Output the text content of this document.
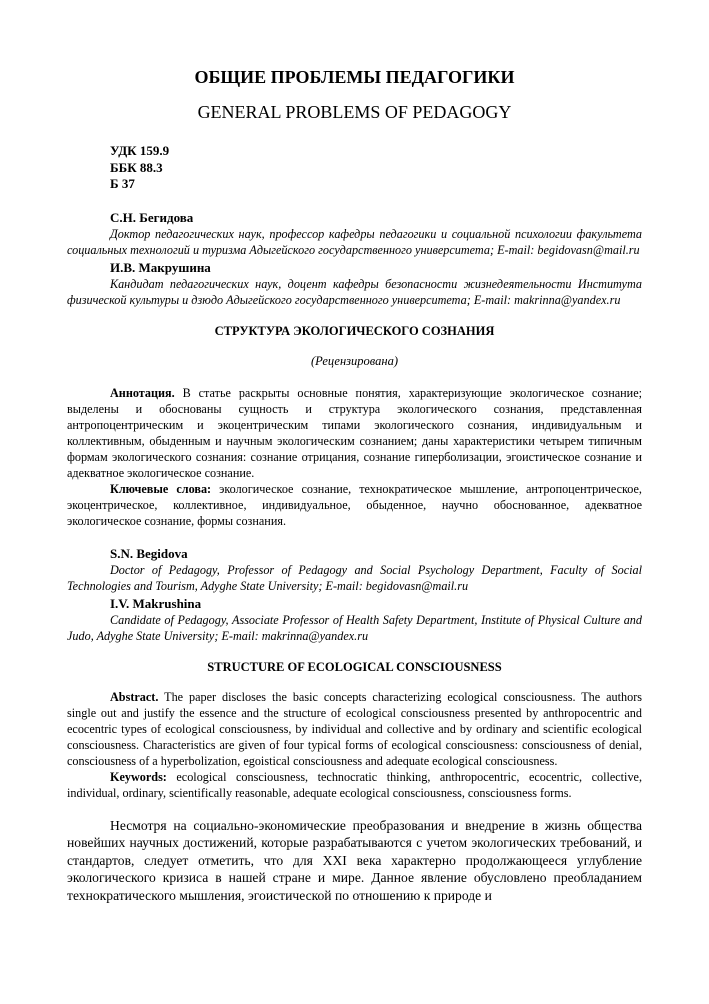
ОБЩИЕ ПРОБЛЕМЫ ПЕДАГОГИКИ
GENERAL PROBLEMS OF PEDAGOGY
УДК 159.9
ББК 88.3
Б 37
С.Н. Бегидова

Доктор педагогических наук, профессор кафедры педагогики и социальной психологии факультета социальных технологий и туризма Адыгейского государственного университета; E-mail: begidovasn@mail.ru

И.В. Макрушина

Кандидат педагогических наук, доцент кафедры безопасности жизнедеятельности Института физической культуры и дзюдо Адыгейского государственного университета; E-mail: makrinna@yandex.ru

СТРУКТУРА ЭКОЛОГИЧЕСКОГО СОЗНАНИЯ
(Рецензирована)

Аннотация. В статье раскрыты основные понятия, характеризующие экологическое сознание; выделены и обоснованы сущность и структура экологического сознания, представленная антропоцентрическим и экоцентрическим типами экологического сознания, индивидуальным и коллективным, обыденным и научным экологическим сознанием; даны характеристики четырем типичным формам экологического сознания: сознание отрицания, сознание гиперболизации, эгоистическое сознание и адекватное экологическое сознание.

Ключевые слова: экологическое сознание, технократическое мышление, антропоцентрическое, экоцентрическое, коллективное, индивидуальное, обыденное, научно обоснованное, адекватное экологическое сознание, формы сознания.

S.N. Begidova

Doctor of Pedagogy, Professor of Pedagogy and Social Psychology Department, Faculty of Social Technologies and Tourism, Adyghe State University; E-mail: begidovasn@mail.ru

I.V. Makrushina

Candidate of Pedagogy, Associate Professor of Health Safety Department, Institute of Physical Culture and Judo, Adyghe State University; E-mail: makrinna@yandex.ru

STRUCTURE OF ECOLOGICAL CONSCIOUSNESS

Abstract. The paper discloses the basic concepts characterizing ecological consciousness. The authors single out and justify the essence and the structure of ecological consciousness presented by anthropocentric and ecocentric types of ecological consciousness, by individual and collective and by ordinary and scientific ecological consciousness. Characteristics are given of four typical forms of ecological consciousness: consciousness of denial, consciousness of a hyperbolization, egoistical consciousness and adequate ecological consciousness.

Keywords: ecological consciousness, technocratic thinking, anthropocentric, ecocentric, collective, individual, ordinary, scientifically reasonable, adequate ecological consciousness, consciousness forms.

Несмотря на социально-экономические преобразования и внедрение в жизнь общества новейших научных достижений, которые разрабатываются с учетом экологических требований, и стандартов, следует отметить, что для XXI века характерно продолжающееся углубление экологического кризиса в нашей стране и мире. Данное явление обусловлено преобладанием технократического мышления, эгоистической по отношению к природе и
